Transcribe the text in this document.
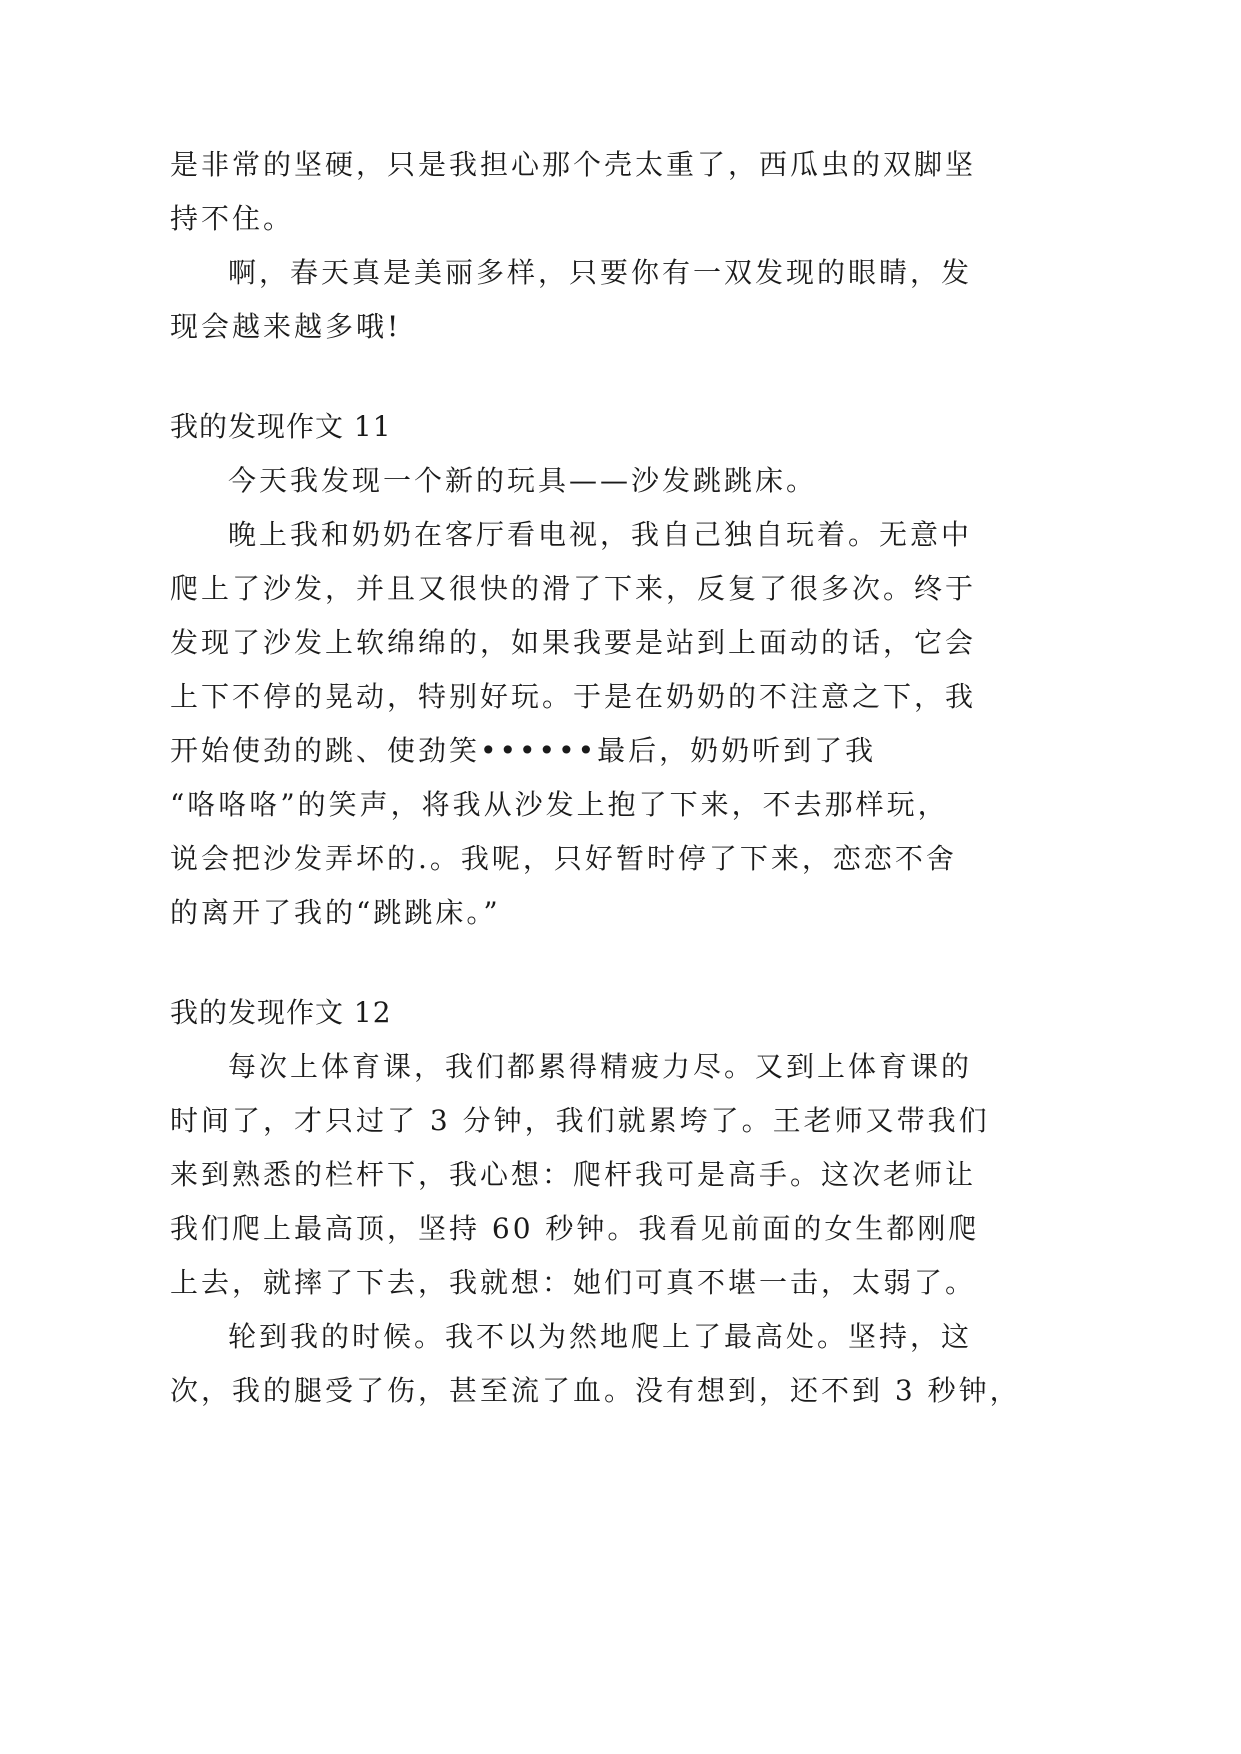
是非常的坚硬，只是我担心那个壳太重了，西瓜虫的双脚坚
持不住。
啊，春天真是美丽多样，只要你有一双发现的眼睛，发
现会越来越多哦!
我的发现作文 11
今天我发现一个新的玩具——沙发跳跳床。
晚上我和奶奶在客厅看电视，我自己独自玩着。无意中
爬上了沙发，并且又很快的滑了下来，反复了很多次。终于
发现了沙发上软绵绵的，如果我要是站到上面动的话，它会
上下不停的晃动，特别好玩。于是在奶奶的不注意之下，我
开始使劲的跳、使劲笑••••••最后，奶奶听到了我
“咯咯咯”的笑声，将我从沙发上抱了下来，不去那样玩，
说会把沙发弄坏的.。我呢，只好暂时停了下来，恋恋不舍
的离开了我的“跳跳床。”
我的发现作文 12
每次上体育课，我们都累得精疲力尽。又到上体育课的
时间了，才只过了 3 分钟，我们就累垮了。王老师又带我们
来到熟悉的栏杆下，我心想：爬杆我可是高手。这次老师让
我们爬上最高顶，坚持 60 秒钟。我看见前面的女生都刚爬
上去，就摔了下去，我就想：她们可真不堪一击，太弱了。
轮到我的时候。我不以为然地爬上了最高处。坚持，这
次，我的腿受了伤，甚至流了血。没有想到，还不到 3 秒钟，
